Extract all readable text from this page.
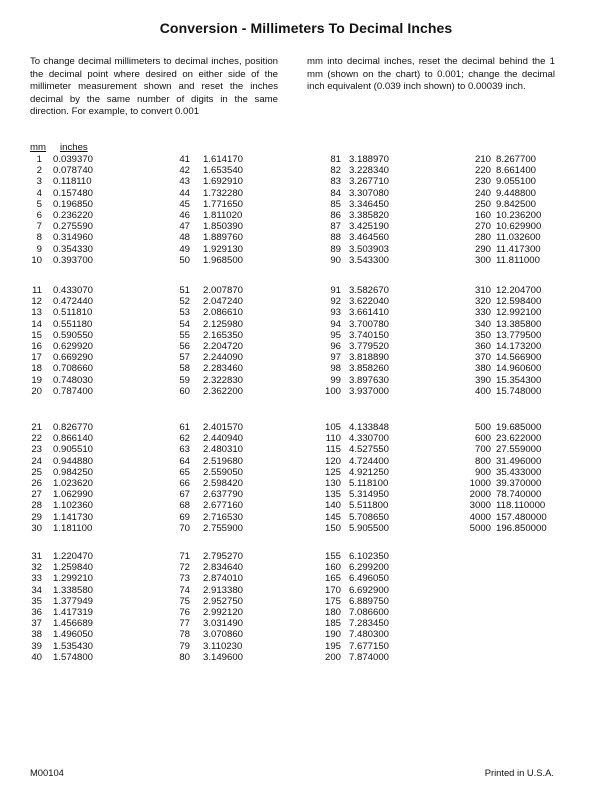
Conversion - Millimeters To Decimal Inches
To change decimal millimeters to decimal inches, position the decimal point where desired on either side of the millimeter measurement shown and reset the inches decimal by the same number of digits in the same direction. For example, to convert 0.001
mm into decimal inches, reset the decimal behind the 1 mm (shown on the chart) to 0.001; change the decimal inch equivalent (0.039 inch shown) to 0.00039 inch.
mm inches
1 0.039370
2 0.078740
3 0.118110
4 0.157480
5 0.196850
6 0.236220
7 0.275590
8 0.314960
9 0.354330
10 0.393700
11 0.433070
12 0.472440
13 0.511810
14 0.551180
15 0.590550
16 0.629920
17 0.669290
18 0.708660
19 0.748030
20 0.787400
21 0.826770
22 0.866140
23 0.905510
24 0.944880
25 0.984250
26 1.023620
27 1.062990
28 1.102360
29 1.141730
30 1.181100
31 1.220470
32 1.259840
33 1.299210
34 1.338580
35 1.377949
36 1.417319
37 1.456689
38 1.496050
39 1.535430
40 1.574800
41 1.614170
42 1.653540
43 1.692910
44 1.732280
45 1.771650
46 1.811020
47 1.850390
48 1.889760
49 1.929130
50 1.968500
51 2.007870
52 2.047240
53 2.086610
54 2.125980
55 2.165350
56 2.204720
57 2.244090
58 2.283460
59 2.322830
60 2.362200
61 2.401570
62 2.440940
63 2.480310
64 2.519680
65 2.559050
66 2.598420
67 2.637790
68 2.677160
69 2.716530
70 2.755900
71 2.795270
72 2.834640
73 2.874010
74 2.913380
75 2.952750
76 2.992120
77 3.031490
78 3.070860
79 3.110230
80 3.149600
81 3.188970
82 3.228340
83 3.267710
84 3.307080
85 3.346450
86 3.385820
87 3.425190
88 3.464560
89 3.503903
90 3.543300
91 3.582670
92 3.622040
93 3.661410
94 3.700780
95 3.740150
96 3.779520
97 3.818890
98 3.858260
99 3.897630
100 3.937000
105 4.133848
110 4.330700
115 4.527550
120 4.724400
125 4.921250
130 5.118100
135 5.314950
140 5.511800
145 5.708650
150 5.905500
155 6.102350
160 6.299200
165 6.496050
170 6.692900
175 6.889750
180 7.086600
185 7.283450
190 7.480300
195 7.677150
200 7.874000
210 8.267700
220 8.661400
230 9.055100
240 9.448800
250 9.842500
160 10.236200
270 10.629900
280 11.032600
290 11.417300
300 11.811000
310 12.204700
320 12.598400
330 12.992100
340 13.385800
350 13.779500
360 14.173200
370 14.566900
380 14.960600
390 15.354300
400 15.748000
500 19.685000
600 23.622000
700 27.559000
800 31.496000
900 35.433000
1000 39.370000
2000 78.740000
3000 118.110000
4000 157.480000
5000 196.850000
M00104	Printed in U.S.A.
